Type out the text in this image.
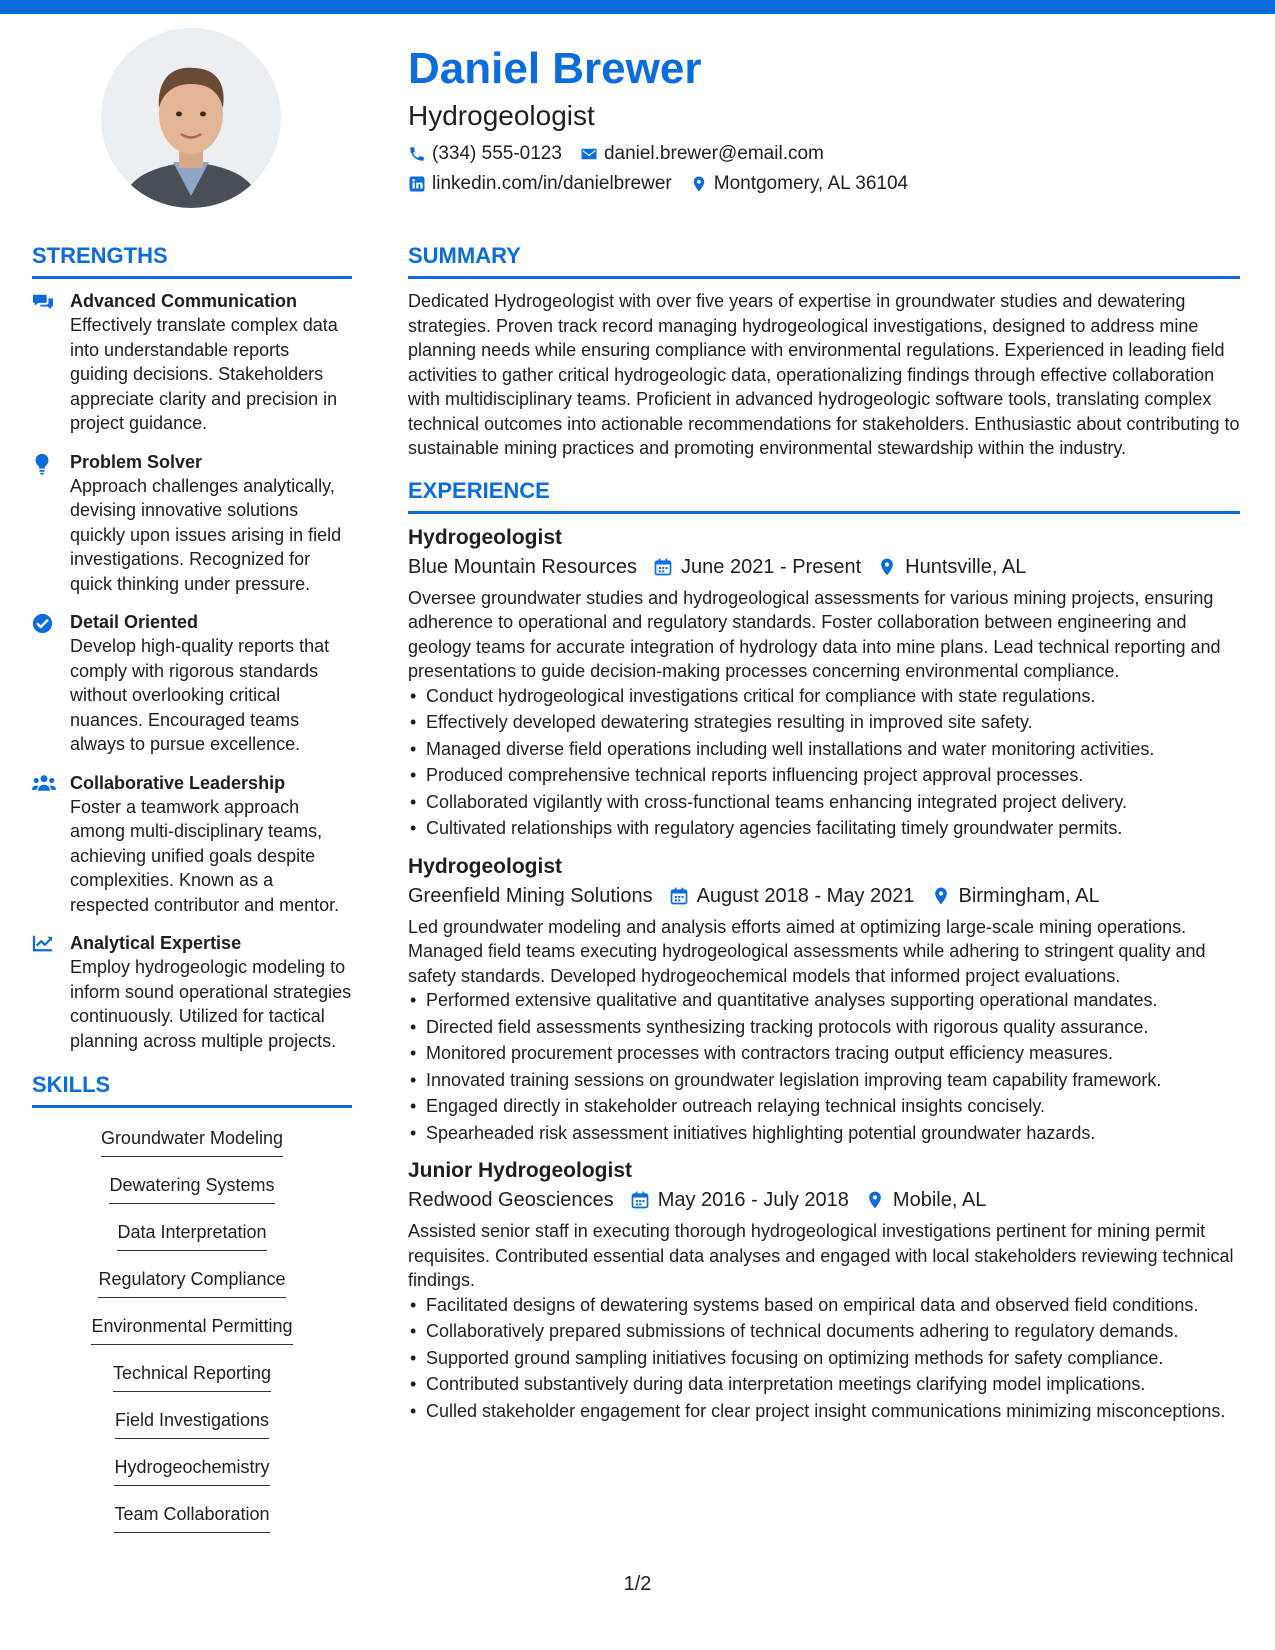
Daniel Brewer
Hydrogeologist
(334) 555-0123 daniel.brewer@email.com
linkedin.com/in/danielbrewer Montgomery, AL 36104
STRENGTHS
Advanced Communication
Effectively translate complex data into understandable reports guiding decisions. Stakeholders appreciate clarity and precision in project guidance.
Problem Solver
Approach challenges analytically, devising innovative solutions quickly upon issues arising in field investigations. Recognized for quick thinking under pressure.
Detail Oriented
Develop high-quality reports that comply with rigorous standards without overlooking critical nuances. Encouraged teams always to pursue excellence.
Collaborative Leadership
Foster a teamwork approach among multi-disciplinary teams, achieving unified goals despite complexities. Known as a respected contributor and mentor.
Analytical Expertise
Employ hydrogeologic modeling to inform sound operational strategies continuously. Utilized for tactical planning across multiple projects.
SKILLS
Groundwater Modeling
Dewatering Systems
Data Interpretation
Regulatory Compliance
Environmental Permitting
Technical Reporting
Field Investigations
Hydrogeochemistry
Team Collaboration
SUMMARY
Dedicated Hydrogeologist with over five years of expertise in groundwater studies and dewatering strategies. Proven track record managing hydrogeological investigations, designed to address mine planning needs while ensuring compliance with environmental regulations. Experienced in leading field activities to gather critical hydrogeologic data, operationalizing findings through effective collaboration with multidisciplinary teams. Proficient in advanced hydrogeologic software tools, translating complex technical outcomes into actionable recommendations for stakeholders. Enthusiastic about contributing to sustainable mining practices and promoting environmental stewardship within the industry.
EXPERIENCE
Hydrogeologist
Blue Mountain Resources June 2021 - Present Huntsville, AL
Oversee groundwater studies and hydrogeological assessments for various mining projects, ensuring adherence to operational and regulatory standards. Foster collaboration between engineering and geology teams for accurate integration of hydrology data into mine plans. Lead technical reporting and presentations to guide decision-making processes concerning environmental compliance.
• Conduct hydrogeological investigations critical for compliance with state regulations.
• Effectively developed dewatering strategies resulting in improved site safety.
• Managed diverse field operations including well installations and water monitoring activities.
• Produced comprehensive technical reports influencing project approval processes.
• Collaborated vigilantly with cross-functional teams enhancing integrated project delivery.
• Cultivated relationships with regulatory agencies facilitating timely groundwater permits.
Hydrogeologist
Greenfield Mining Solutions August 2018 - May 2021 Birmingham, AL
Led groundwater modeling and analysis efforts aimed at optimizing large-scale mining operations. Managed field teams executing hydrogeological assessments while adhering to stringent quality and safety standards. Developed hydrogeochemical models that informed project evaluations.
• Performed extensive qualitative and quantitative analyses supporting operational mandates.
• Directed field assessments synthesizing tracking protocols with rigorous quality assurance.
• Monitored procurement processes with contractors tracing output efficiency measures.
• Innovated training sessions on groundwater legislation improving team capability framework.
• Engaged directly in stakeholder outreach relaying technical insights concisely.
• Spearheaded risk assessment initiatives highlighting potential groundwater hazards.
Junior Hydrogeologist
Redwood Geosciences May 2016 - July 2018 Mobile, AL
Assisted senior staff in executing thorough hydrogeological investigations pertinent for mining permit requisites. Contributed essential data analyses and engaged with local stakeholders reviewing technical findings.
• Facilitated designs of dewatering systems based on empirical data and observed field conditions.
• Collaboratively prepared submissions of technical documents adhering to regulatory demands.
• Supported ground sampling initiatives focusing on optimizing methods for safety compliance.
• Contributed substantively during data interpretation meetings clarifying model implications.
• Culled stakeholder engagement for clear project insight communications minimizing misconceptions.
1/2
